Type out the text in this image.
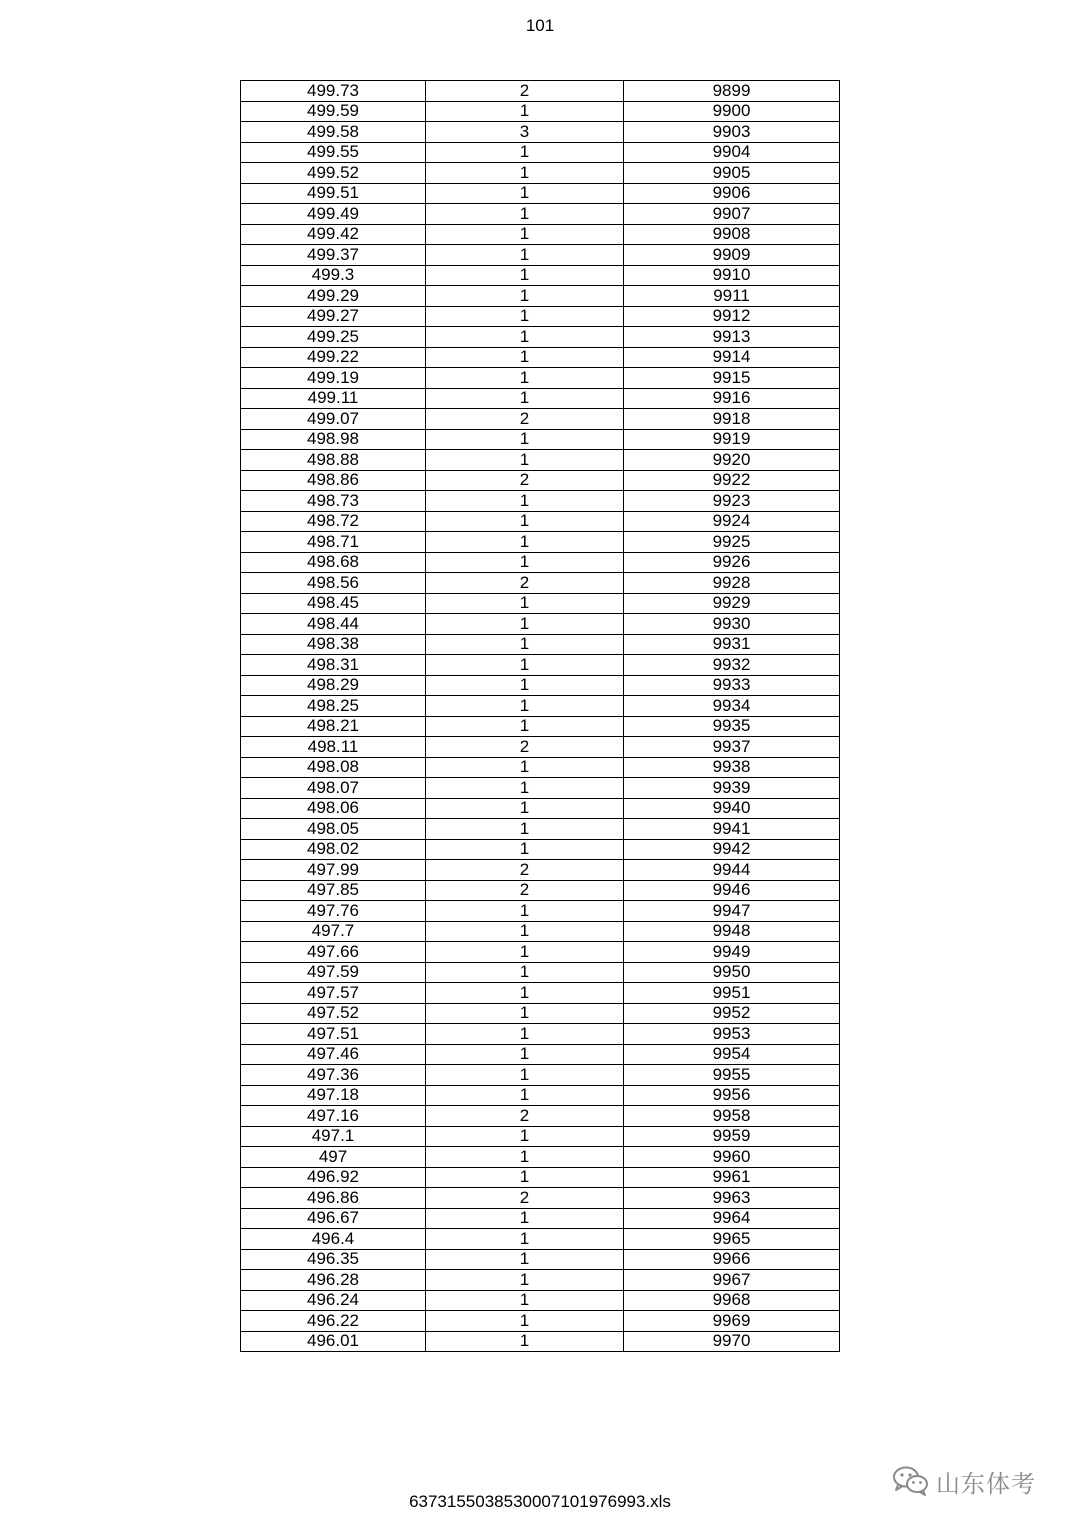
101
499.73	2	9899
499.59	1	9900
499.58	3	9903
499.55	1	9904
499.52	1	9905
499.51	1	9906
499.49	1	9907
499.42	1	9908
499.37	1	9909
499.3	1	9910
499.29	1	9911
499.27	1	9912
499.25	1	9913
499.22	1	9914
499.19	1	9915
499.11	1	9916
499.07	2	9918
498.98	1	9919
498.88	1	9920
498.86	2	9922
498.73	1	9923
498.72	1	9924
498.71	1	9925
498.68	1	9926
498.56	2	9928
498.45	1	9929
498.44	1	9930
498.38	1	9931
498.31	1	9932
498.29	1	9933
498.25	1	9934
498.21	1	9935
498.11	2	9937
498.08	1	9938
498.07	1	9939
498.06	1	9940
498.05	1	9941
498.02	1	9942
497.99	2	9944
497.85	2	9946
497.76	1	9947
497.7	1	9948
497.66	1	9949
497.59	1	9950
497.57	1	9951
497.52	1	9952
497.51	1	9953
497.46	1	9954
497.36	1	9955
497.18	1	9956
497.16	2	9958
497.1	1	9959
497	1	9960
496.92	1	9961
496.86	2	9963
496.67	1	9964
496.4	1	9965
496.35	1	9966
496.28	1	9967
496.24	1	9968
496.22	1	9969
496.01	1	9970
6373155038530007101976993.xls
山东体考
